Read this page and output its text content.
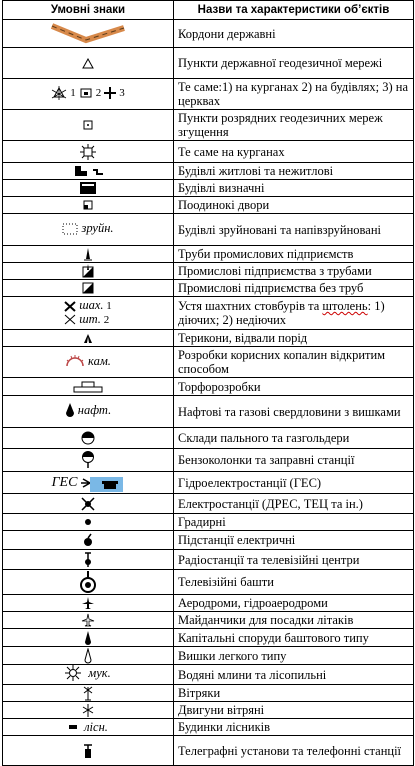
Умовні знаки	Назви та характеристики об’єктів
	Кордони державні
	Пункти державної геодезичної мережі

1 2 3	Те саме:1) на курганах 2) на будівлях; 3) на церквах
	Пункти розрядних геодезичних мереж згущення
	Те саме на курганах
	Будівлі житлові та нежитлові
	Будівлі визначні
	Поодинокі двори

зруйн.	Будівлі зруйновані та напівзруйновані
	Труби промислових підприємств
	Промислові підприємства з трубами
	Промислові підприємства без труб

шах. 1
шт. 2	Устя шахтних стовбурів та штолень: 1) діючих; 2) недіючих
	Терикони, відвали порід

кам.	Розробки корисних копалин відкритим способом
	Торфорозробки

нафт.	Нафтові та газові свердловини з вишками
	Склади пального та газгольдери
	Бензоколонки та заправні станції

ГЕС	Гідроелектростанції (ГЕС)
	Електростанції (ДРЕС, ТЕЦ та ін.)
	Градирні
	Підстанції електричні
	Радіостанції та телевізійні центри
	Телевізійні башти
	Аеродроми, гідроаеродроми
	Майданчики для посадки літаків
	Капітальні споруди баштового типу
	Вишки легкого типу

мук.	Водяні млини та лісопильні
	Вітряки
	Двигуни вітряні

лісн.	Будинки лісників
	Телеграфні установи та телефонні станції
